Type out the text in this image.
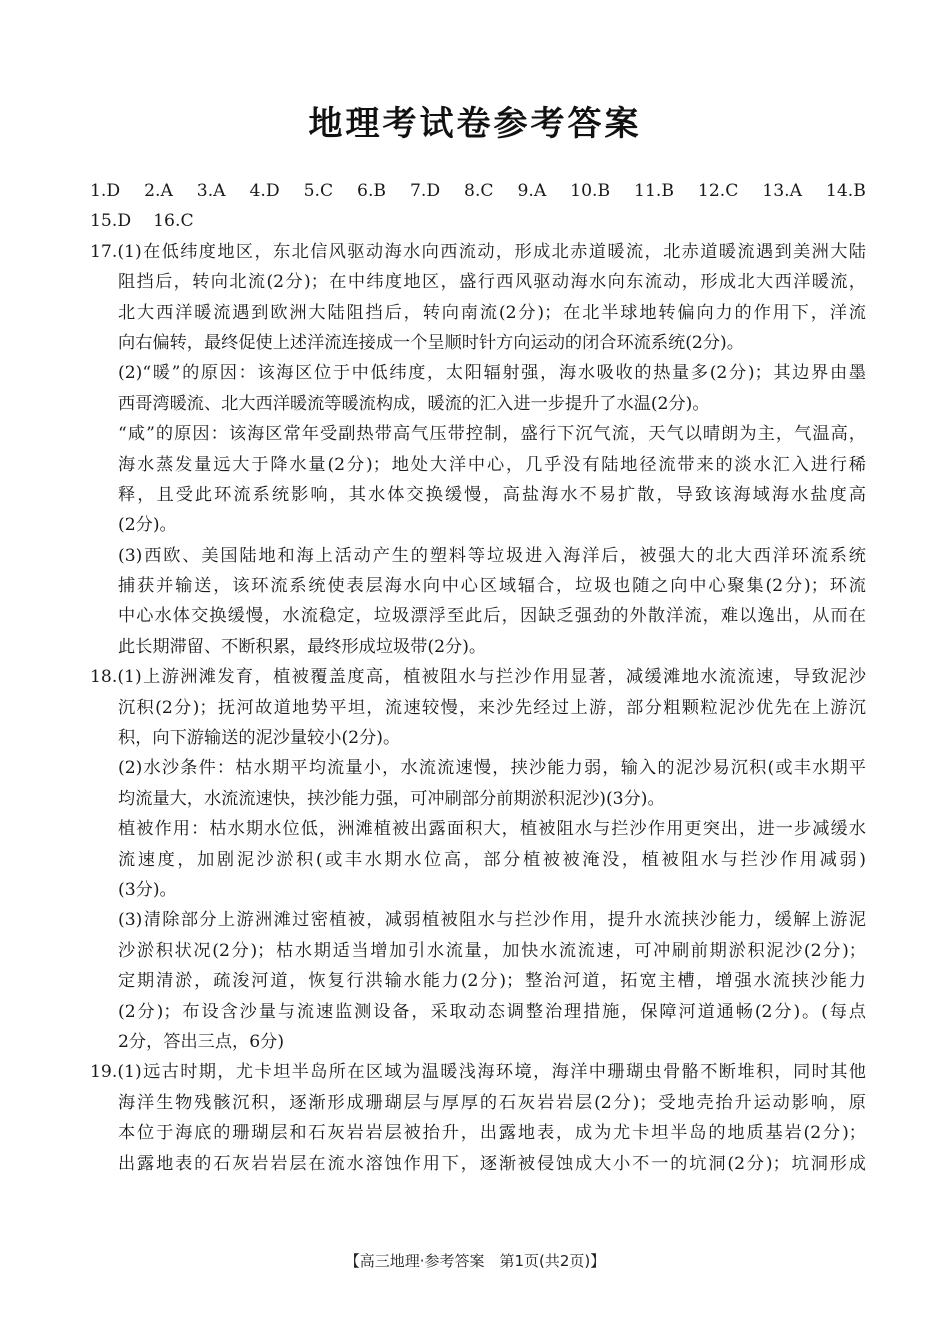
地理考试卷参考答案
1.D 2.A 3.A 4.D 5.C 6.B 7.D 8.C 9.A 10.B 11.B 12.C 13.A 14.B
15.D 16.C
17.(1)在低纬度地区，东北信风驱动海水向西流动，形成北赤道暖流，北赤道暖流遇到美洲大陆
阻挡后，转向北流(2分)；在中纬度地区，盛行西风驱动海水向东流动，形成北大西洋暖流，
北大西洋暖流遇到欧洲大陆阻挡后，转向南流(2分)；在北半球地转偏向力的作用下，洋流
向右偏转，最终促使上述洋流连接成一个呈顺时针方向运动的闭合环流系统(2分)。
(2)“暖”的原因：该海区位于中低纬度，太阳辐射强，海水吸收的热量多(2分)；其边界由墨
西哥湾暖流、北大西洋暖流等暖流构成，暖流的汇入进一步提升了水温(2分)。
“咸”的原因：该海区常年受副热带高气压带控制，盛行下沉气流，天气以晴朗为主，气温高，
海水蒸发量远大于降水量(2分)；地处大洋中心，几乎没有陆地径流带来的淡水汇入进行稀
释，且受此环流系统影响，其水体交换缓慢，高盐海水不易扩散，导致该海域海水盐度高
(2分)。
(3)西欧、美国陆地和海上活动产生的塑料等垃圾进入海洋后，被强大的北大西洋环流系统
捕获并输送，该环流系统使表层海水向中心区域辐合，垃圾也随之向中心聚集(2分)；环流
中心水体交换缓慢，水流稳定，垃圾漂浮至此后，因缺乏强劲的外散洋流，难以逸出，从而在
此长期滞留、不断积累，最终形成垃圾带(2分)。
18.(1)上游洲滩发育，植被覆盖度高，植被阻水与拦沙作用显著，减缓滩地水流流速，导致泥沙
沉积(2分)；抚河故道地势平坦，流速较慢，来沙先经过上游，部分粗颗粒泥沙优先在上游沉
积，向下游输送的泥沙量较小(2分)。
(2)水沙条件：枯水期平均流量小，水流流速慢，挟沙能力弱，输入的泥沙易沉积(或丰水期平
均流量大，水流流速快，挟沙能力强，可冲刷部分前期淤积泥沙)(3分)。
植被作用：枯水期水位低，洲滩植被出露面积大，植被阻水与拦沙作用更突出，进一步减缓水
流速度，加剧泥沙淤积(或丰水期水位高，部分植被被淹没，植被阻水与拦沙作用减弱)
(3分)。
(3)清除部分上游洲滩过密植被，减弱植被阻水与拦沙作用，提升水流挟沙能力，缓解上游泥
沙淤积状况(2分)；枯水期适当增加引水流量，加快水流流速，可冲刷前期淤积泥沙(2分)；
定期清淤，疏浚河道，恢复行洪输水能力(2分)；整治河道，拓宽主槽，增强水流挟沙能力
(2分)；布设含沙量与流速监测设备，采取动态调整治理措施，保障河道通畅(2分)。(每点
2分，答出三点，6分)
19.(1)远古时期，尤卡坦半岛所在区域为温暖浅海环境，海洋中珊瑚虫骨骼不断堆积，同时其他
海洋生物残骸沉积，逐渐形成珊瑚层与厚厚的石灰岩岩层(2分)；受地壳抬升运动影响，原
本位于海底的珊瑚层和石灰岩岩层被抬升，出露地表，成为尤卡坦半岛的地质基岩(2分)；
出露地表的石灰岩岩层在流水溶蚀作用下，逐渐被侵蚀成大小不一的坑洞(2分)；坑洞形成
【高三地理·参考答案　第1页(共2页)】
